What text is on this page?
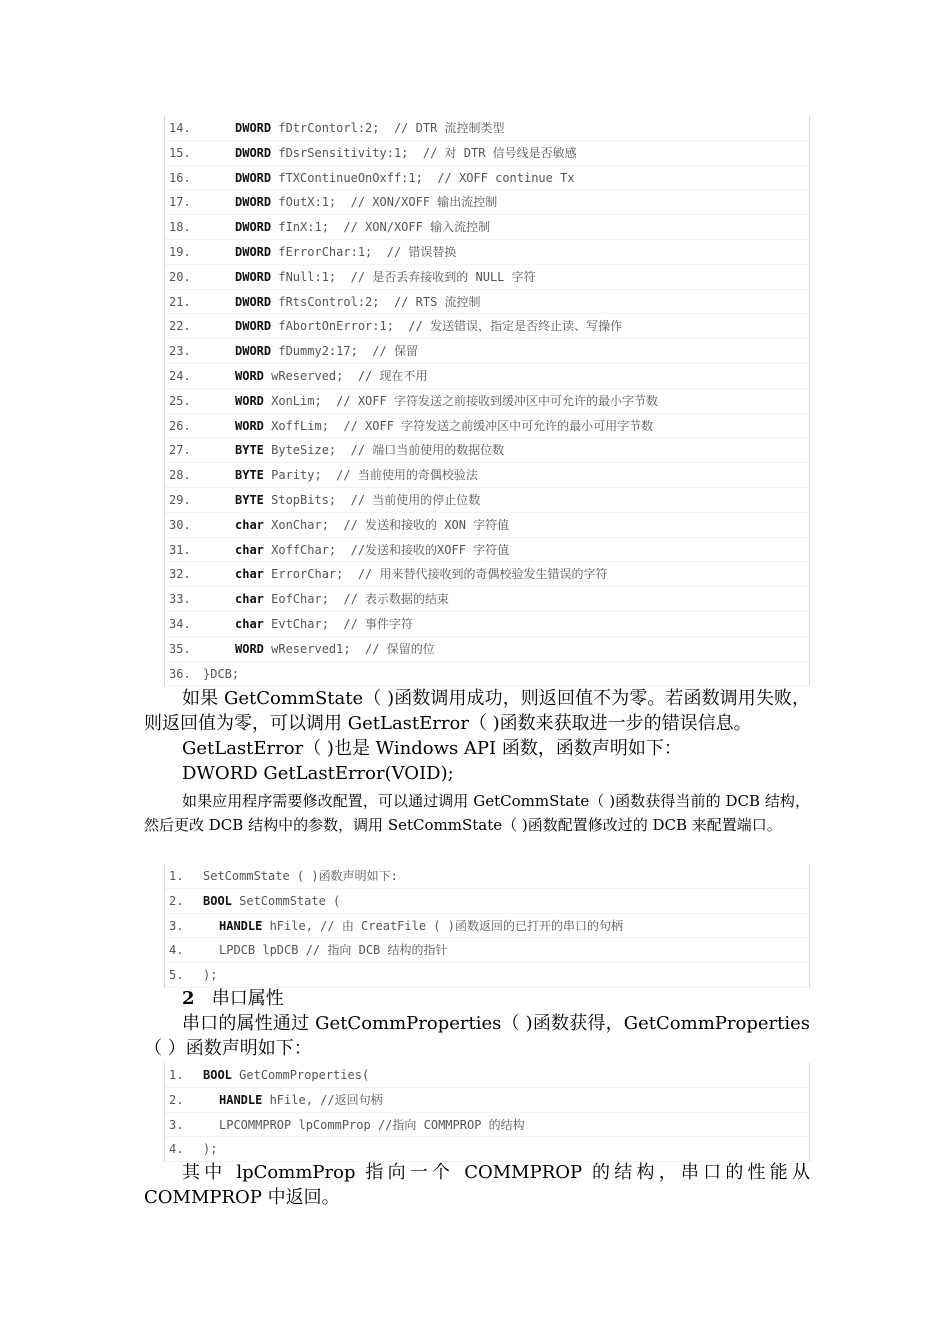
14.	DWORD fDtrContorl:2;  // DTR 流控制类型
15.	DWORD fDsrSensitivity:1;  // 对 DTR 信号线是否敏感
16.	DWORD fTXContinueOnOxff:1;  // XOFF continue Tx
17.	DWORD fOutX:1;  // XON/XOFF 输出流控制
18.	DWORD fInX:1;  // XON/XOFF 输入流控制
19.	DWORD fErrorChar:1;  // 错误替换
20.	DWORD fNull:1;  // 是否丢弃接收到的 NULL 字符
21.	DWORD fRtsControl:2;  // RTS 流控制
22.	DWORD fAbortOnError:1;  // 发送错误，指定是否终止读、写操作
23.	DWORD fDummy2:17;  // 保留
24.	WORD wReserved;  // 现在不用
25.	WORD XonLim;  // XOFF 字符发送之前接收到缓冲区中可允许的最小字节数
26.	WORD XoffLim;  // XOFF 字符发送之前缓冲区中可允许的最小可用字节数
27.	BYTE ByteSize;  // 端口当前使用的数据位数
28.	BYTE Parity;  // 当前使用的奇偶校验法
29.	BYTE StopBits;  // 当前使用的停止位数
30.	char XonChar;  // 发送和接收的 XON 字符值
31.	char XoffChar;  //发送和接收的XOFF 字符值
32.	char ErrorChar;  // 用来替代接收到的奇偶校验发生错误的字符
33.	char EofChar;  // 表示数据的结束
34.	char EvtChar;  // 事件字符
35.	WORD wReserved1;  // 保留的位
36. }DCB;
如果 GetCommState（ )函数调用成功，则返回值不为零。若函数调用失败，则返回值为零，可以调用 GetLastError（ )函数来获取进一步的错误信息。
GetLastError（ )也是 Windows API 函数，函数声明如下：
DWORD GetLastError(VOID);
如果应用程序需要修改配置，可以通过调用 GetCommState（ )函数获得当前的 DCB 结构，然后更改 DCB 结构中的参数，调用 SetCommState（ )函数配置修改过的 DCB 来配置端口。
1. SetCommState ( )函数声明如下:
2. BOOL SetCommState (
3.	HANDLE hFile, // 由 CreatFile ( )函数返回的已打开的串口的句柄
4.	LPDCB lpDCB // 指向 DCB 结构的指针
5. );
2 串口属性
串口的属性通过 GetCommProperties（ )函数获得，GetCommProperties（ ）函数声明如下：
1. BOOL GetCommProperties(
2.	HANDLE hFile, //返回句柄
3.	LPCOMMPROP lpCommProp //指向 COMMPROP 的结构
4. );
其中 lpCommProp 指向一个 COMMPROP 的结构，串口的性能从 COMMPROP 中返回。
